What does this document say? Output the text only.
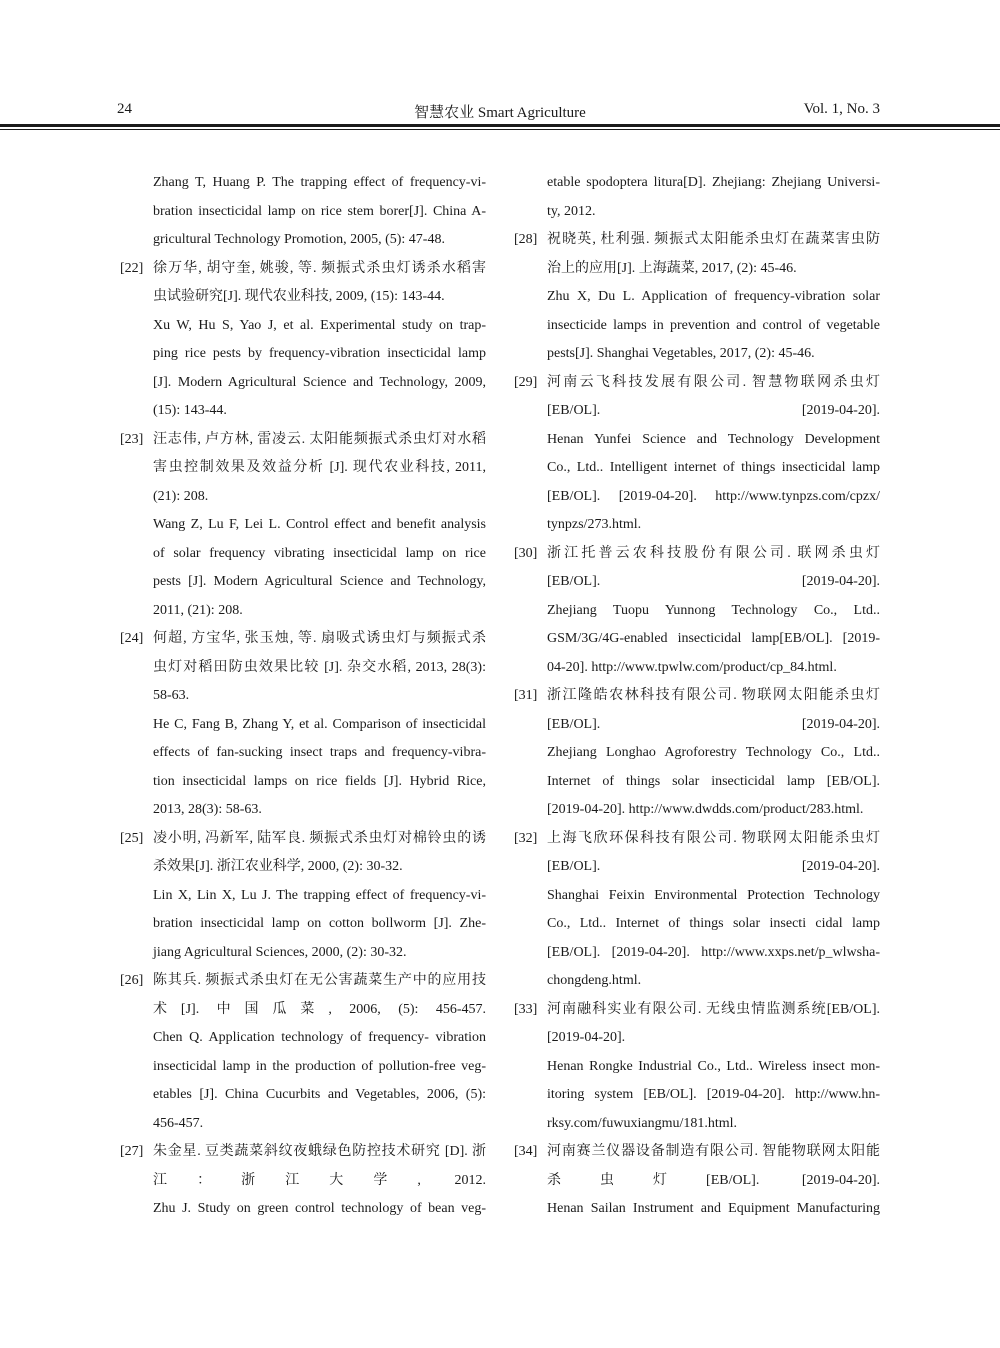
24	智慧农业 Smart Agriculture	Vol. 1, No. 3
Zhang T, Huang P. The trapping effect of frequency-vi-
bration insecticidal lamp on rice stem borer[J]. China A-
gricultural Technology Promotion, 2005, (5): 47-48.
[22] 徐万华, 胡守奎, 姚骏, 等. 频振式杀虫灯诱杀水稻害
虫试验研究[J]. 现代农业科技, 2009, (15): 143-44.
Xu W, Hu S, Yao J, et al. Experimental study on trap-
ping rice pests by frequency-vibration insecticidal lamp
[J]. Modern Agricultural Science and Technology, 2009,
(15): 143-44.
[23] 汪志伟, 卢方林, 雷凌云. 太阳能频振式杀虫灯对水稻
害虫控制效果及效益分析 [J]. 现代农业科技, 2011,
(21): 208.
Wang Z, Lu F, Lei L. Control effect and benefit analysis
of solar frequency vibrating insecticidal lamp on rice
pests [J]. Modern Agricultural Science and Technology,
2011, (21): 208.
[24] 何超, 方宝华, 张玉烛, 等. 扇吸式诱虫灯与频振式杀
虫灯对稻田防虫效果比较 [J]. 杂交水稻, 2013, 28(3):
58-63.
He C, Fang B, Zhang Y, et al. Comparison of insecticidal
effects of fan-sucking insect traps and frequency-vibra-
tion insecticidal lamps on rice fields [J]. Hybrid Rice,
2013, 28(3): 58-63.
[25] 凌小明, 冯新军, 陆军良. 频振式杀虫灯对棉铃虫的诱
杀效果[J]. 浙江农业科学, 2000, (2): 30-32.
Lin X, Lin X, Lu J. The trapping effect of frequency-vi-
bration insecticidal lamp on cotton bollworm [J]. Zhe-
jiang Agricultural Sciences, 2000, (2): 30-32.
[26] 陈其兵. 频振式杀虫灯在无公害蔬菜生产中的应用技
术[J]. 中国瓜菜, 2006, (5): 456-457.
Chen Q. Application technology of frequency- vibration
insecticidal lamp in the production of pollution-free veg-
etables [J]. China Cucurbits and Vegetables, 2006, (5):
456-457.
[27] 朱金星. 豆类蔬菜斜纹夜蛾绿色防控技术研究 [D]. 浙
江：浙江大学, 2012.
Zhu J. Study on green control technology of bean veg-
etable spodoptera litura[D]. Zhejiang: Zhejiang Universi-
ty, 2012.
[28] 祝晓英, 杜利强. 频振式太阳能杀虫灯在蔬菜害虫防
治上的应用[J]. 上海蔬菜, 2017, (2): 45-46.
Zhu X, Du L. Application of frequency-vibration solar
insecticide lamps in prevention and control of vegetable
pests[J]. Shanghai Vegetables, 2017, (2): 45-46.
[29] 河南云飞科技发展有限公司. 智慧物联网杀虫灯
[EB/OL]. [2019-04-20].
Henan Yunfei Science and Technology Development
Co., Ltd.. Intelligent internet of things insecticidal lamp
[EB/OL]. [2019-04-20]. http://www.tynpzs.com/cpzx/
tynpzs/273.html.
[30] 浙江托普云农科技股份有限公司. 联网杀虫灯
[EB/OL]. [2019-04-20].
Zhejiang Tuopu Yunnong Technology Co., Ltd..
GSM/3G/4G-enabled insecticidal lamp[EB/OL]. [2019-
04-20]. http://www.tpwlw.com/product/cp_84.html.
[31] 浙江隆皓农林科技有限公司. 物联网太阳能杀虫灯
[EB/OL]. [2019-04-20].
Zhejiang Longhao Agroforestry Technology Co., Ltd..
Internet of things solar insecticidal lamp [EB/OL].
[2019-04-20]. http://www.dwdds.com/product/283.html.
[32] 上海飞欣环保科技有限公司. 物联网太阳能杀虫灯
[EB/OL]. [2019-04-20].
Shanghai Feixin Environmental Protection Technology
Co., Ltd.. Internet of things solar insecti cidal lamp
[EB/OL]. [2019-04-20]. http://www.xxps.net/p_wlwsha-
chongdeng.html.
[33] 河南融科实业有限公司. 无线虫情监测系统[EB/OL].
[2019-04-20].
Henan Rongke Industrial Co., Ltd.. Wireless insect mon-
itoring system [EB/OL]. [2019-04-20]. http://www.hn-
rksy.com/fuwuxiangmu/181.html.
[34] 河南赛兰仪器设备制造有限公司. 智能物联网太阳能
杀虫灯[EB/OL]. [2019-04-20].
Henan Sailan Instrument and Equipment Manufacturing
